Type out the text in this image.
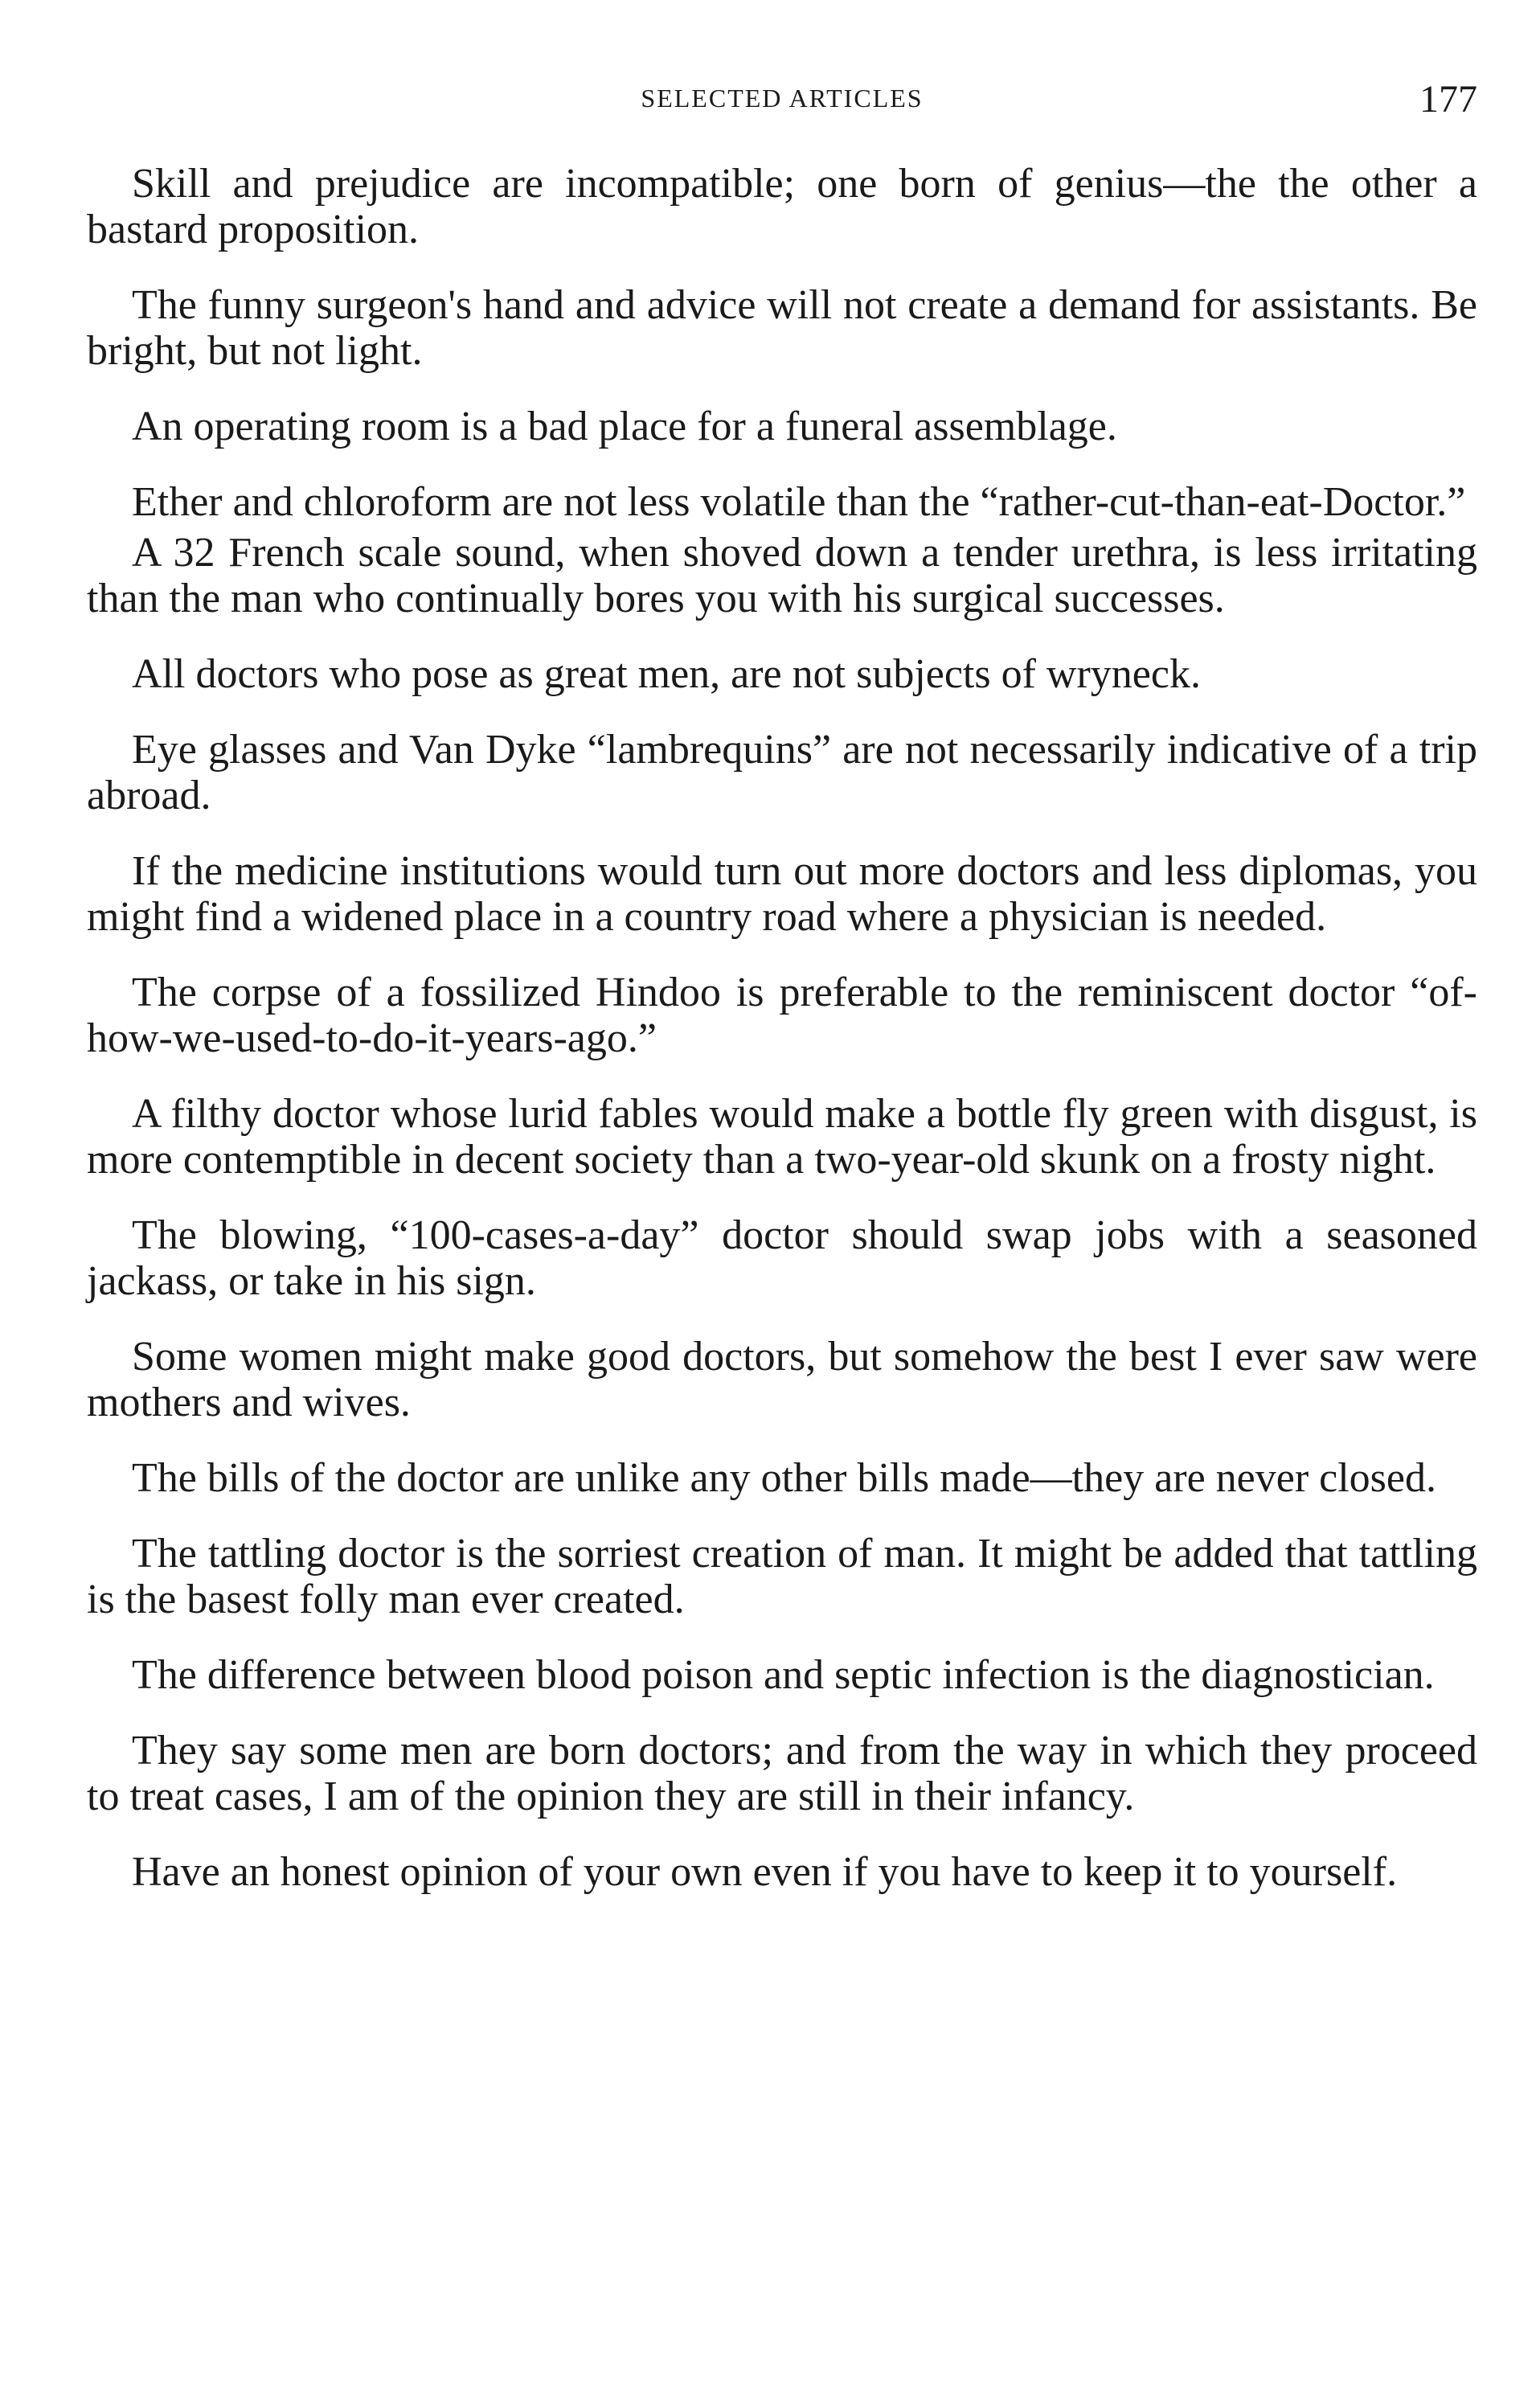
SELECTED ARTICLES	177

Skill and prejudice are incompatible; one born of genius—the the other a bastard proposition.

The funny surgeon's hand and advice will not create a demand for assistants. Be bright, but not light.

An operating room is a bad place for a funeral assemblage.

Ether and chloroform are not less volatile than the “rather-cut-than-eat-Doctor.”

A 32 French scale sound, when shoved down a tender urethra, is less irritating than the man who continually bores you with his surgical successes.

All doctors who pose as great men, are not subjects of wryneck.

Eye glasses and Van Dyke “lambrequins” are not necessarily indicative of a trip abroad.

If the medicine institutions would turn out more doctors and less diplomas, you might find a widened place in a country road where a physician is needed.

The corpse of a fossilized Hindoo is preferable to the reminiscent doctor “of-how-we-used-to-do-it-years-ago.”

A filthy doctor whose lurid fables would make a bottle fly green with disgust, is more contemptible in decent society than a two-year-old skunk on a frosty night.

The blowing, “100-cases-a-day” doctor should swap jobs with a seasoned jackass, or take in his sign.

Some women might make good doctors, but somehow the best I ever saw were mothers and wives.

The bills of the doctor are unlike any other bills made—they are never closed.

The tattling doctor is the sorriest creation of man. It might be added that tattling is the basest folly man ever created.

The difference between blood poison and septic infection is the diagnostician.

They say some men are born doctors; and from the way in which they proceed to treat cases, I am of the opinion they are still in their infancy.

Have an honest opinion of your own even if you have to keep it to yourself.
